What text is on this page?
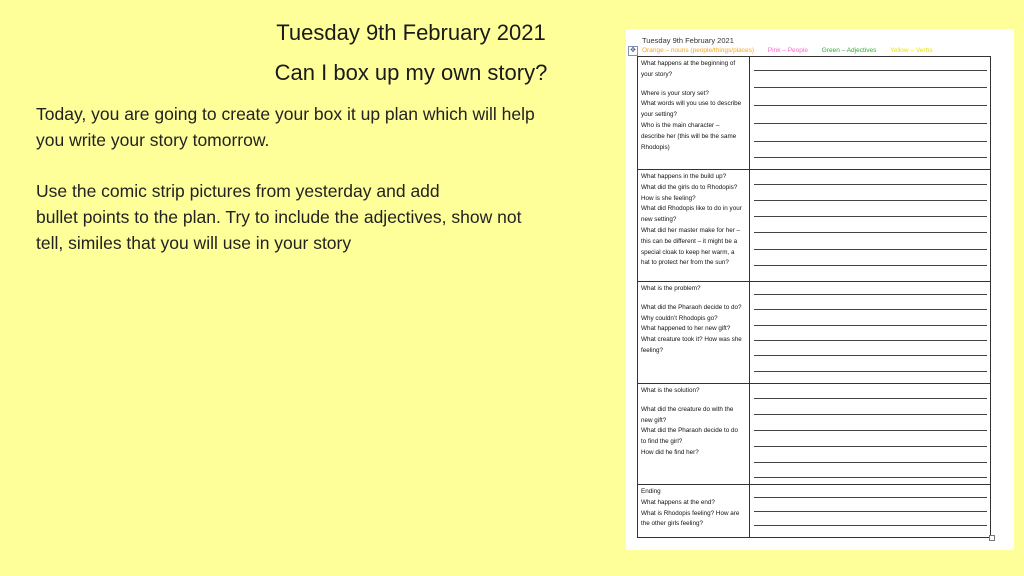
Tuesday 9th February 2021
Can I box up my own story?
Today, you are going to create your box it up plan which will help
you write your story tomorrow.
Use the comic strip pictures from yesterday and add
bullet points to the plan. Try to include the adjectives, show not
tell, similes that you will use in your story
✥
Tuesday 9th February 2021
Orange – nouns (people/things/places) Pink – People Green – Adjectives Yellow – Verbs
What happens at the beginning of
your story?
Where is your story set?
What words will you use to describe
your setting?
Who is the main character –
describe her (this will be the same
Rhodopis)
What happens in the build up?
What did the girls do to Rhodopis?
How is she feeling?
What did Rhodopis like to do in your
new setting?
What did her master make for her –
this can be different – it might be a
special cloak to keep her warm, a
hat to protect her from the sun?
What is the problem?
What did the Pharaoh decide to do?
Why couldn’t Rhodopis go?
What happened to her new gift?
What creature took it? How was she
feeling?
What is the solution?
What did the creature do with the
new gift?
What did the Pharaoh decide to do
to find the girl?
How did he find her?
Ending
What happens at the end?
What is Rhodopis feeling? How are
the other girls feeling?
